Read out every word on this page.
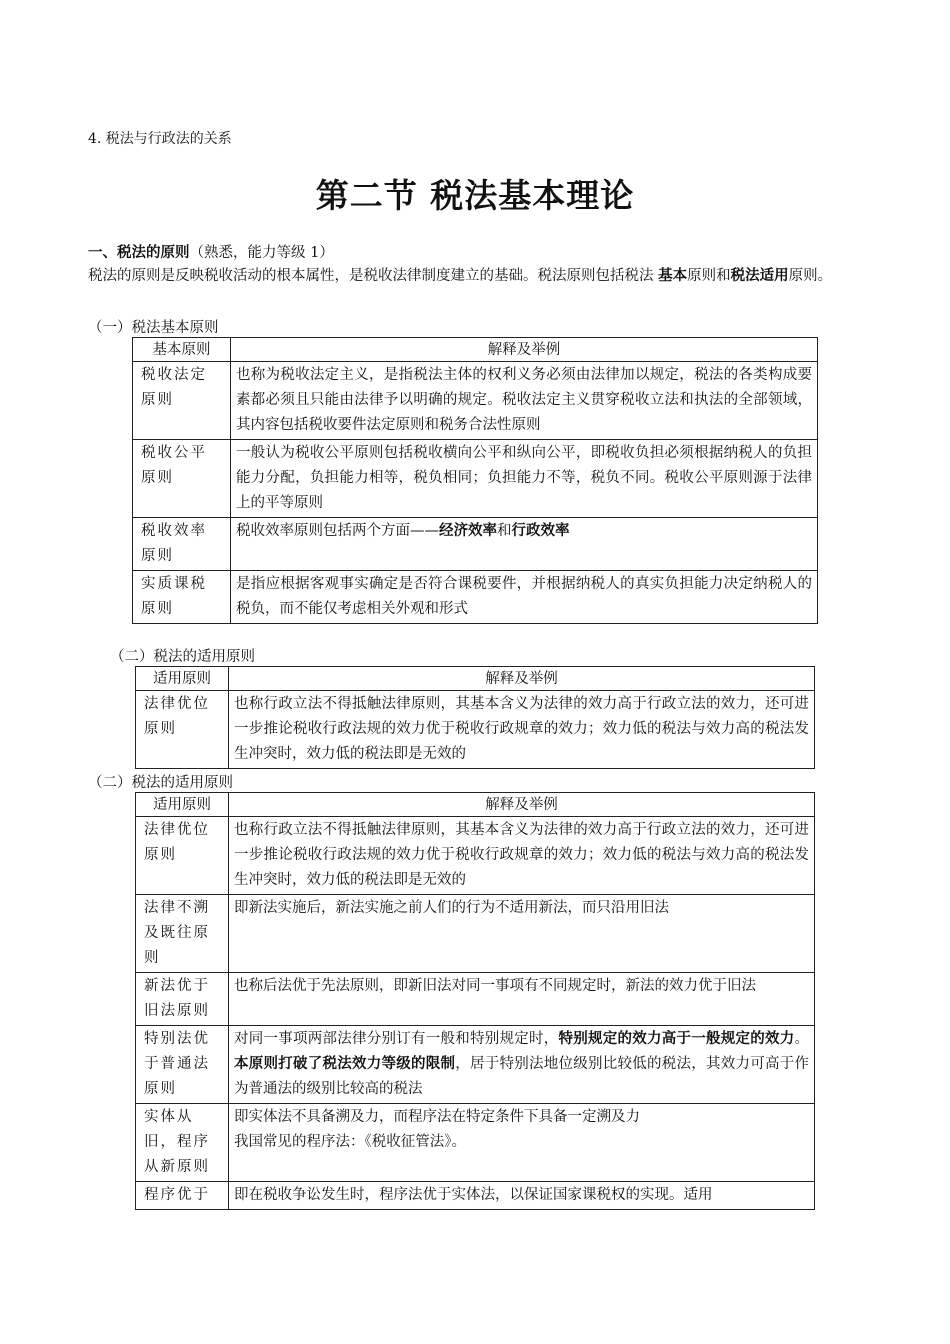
4. 税法与行政法的关系
第二节 税法基本理论
一、税法的原则（熟悉，能力等级 1）
税法的原则是反映税收活动的根本属性，是税收法律制度建立的基础。税法原则包括税法 基本原则和税法适用原则。
（一）税法基本原则
基本原则	解释及举例
税收法定原则	也称为税收法定主义，是指税法主体的权利义务必须由法律加以规定，税法的各类构成要素都必须且只能由法律予以明确的规定。税收法定主义贯穿税收立法和执法的全部领域，其内容包括税收要件法定原则和税务合法性原则
税收公平原则	一般认为税收公平原则包括税收横向公平和纵向公平，即税收负担必须根据纳税人的负担能力分配，负担能力相等，税负相同；负担能力不等，税负不同。税收公平原则源于法律上的平等原则
税收效率原则	税收效率原则包括两个方面——经济效率和行政效率
实质课税原则	是指应根据客观事实确定是否符合课税要件，并根据纳税人的真实负担能力决定纳税人的税负，而不能仅考虑相关外观和形式
（二）税法的适用原则
适用原则	解释及举例
法律优位原则	也称行政立法不得抵触法律原则，其基本含义为法律的效力高于行政立法的效力，还可进一步推论税收行政法规的效力优于税收行政规章的效力；效力低的税法与效力高的税法发生冲突时，效力低的税法即是无效的
（二）税法的适用原则
适用原则	解释及举例
法律优位原则	也称行政立法不得抵触法律原则，其基本含义为法律的效力高于行政立法的效力，还可进一步推论税收行政法规的效力优于税收行政规章的效力；效力低的税法与效力高的税法发生冲突时，效力低的税法即是无效的
法律不溯及既往原则	即新法实施后，新法实施之前人们的行为不适用新法，而只沿用旧法
新法优于旧法原则	也称后法优于先法原则，即新旧法对同一事项有不同规定时，新法的效力优于旧法
特别法优于普通法原则	对同一事项两部法律分别订有一般和特别规定时，特别规定的效力高于一般规定的效力。本原则打破了税法效力等级的限制，居于特别法地位级别比较低的税法，其效力可高于作为普通法的级别比较高的税法
实体从旧，程序从新原则	即实体法不具备溯及力，而程序法在特定条件下具备一定溯及力
我国常见的程序法：《税收征管法》。

程序优于	即在税收争讼发生时，程序法优于实体法，以保证国家课税权的实现。适用
